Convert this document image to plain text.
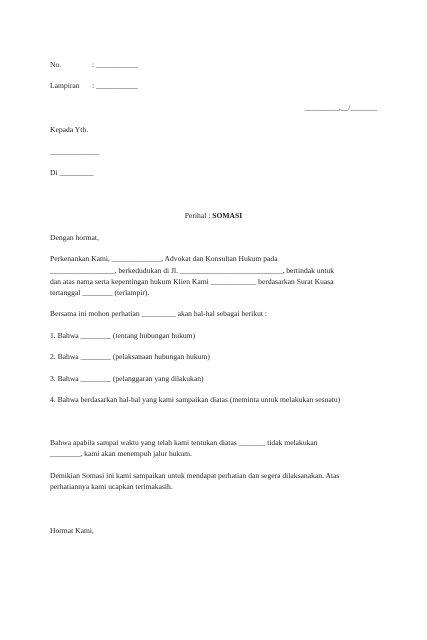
No.	: ___________
Lampiran : ___________
_________,__/_______
Kepada Yth.
_____________
Di _________
Perihal : SOMASI
Dengan hormat,
Perkenankan Kami, _____________, Advokat dan Konsultan Hukum pada
_________________, berkedudukan di Jl. ___________________________, bertindak untuk
dan atas nama serta kepentingan hukum Klien Kami ____________ berdasarkan Surat Kuasa
tertanggal ________ (terlampir).
Bersama ini mohon perhatian _________ akan hal-hal sebagai berikut :
1. Bahwa ________ (tentang hubungan hukum)
2. Bahwa ________ (pelaksanaan hubungan hukum)
3. Bahwa ________ (pelanggaran yang dilakukan)
4. Bahwa berdasarkan hal-hal yang kami sampaikan diatas (meminta untuk melakukan sesuatu)
Bahwa apabila sampai waktu yang telah kami tentukan diatas _______ tidak melakukan
________, kami akan menempuh jalur hukum.
Demikian Somasi ini kami sampaikan untuk mendapat perhatian dan segera dilaksanakan. Atas
perhatiannya kami ucapkan terimakasih.
Hormat Kami,
